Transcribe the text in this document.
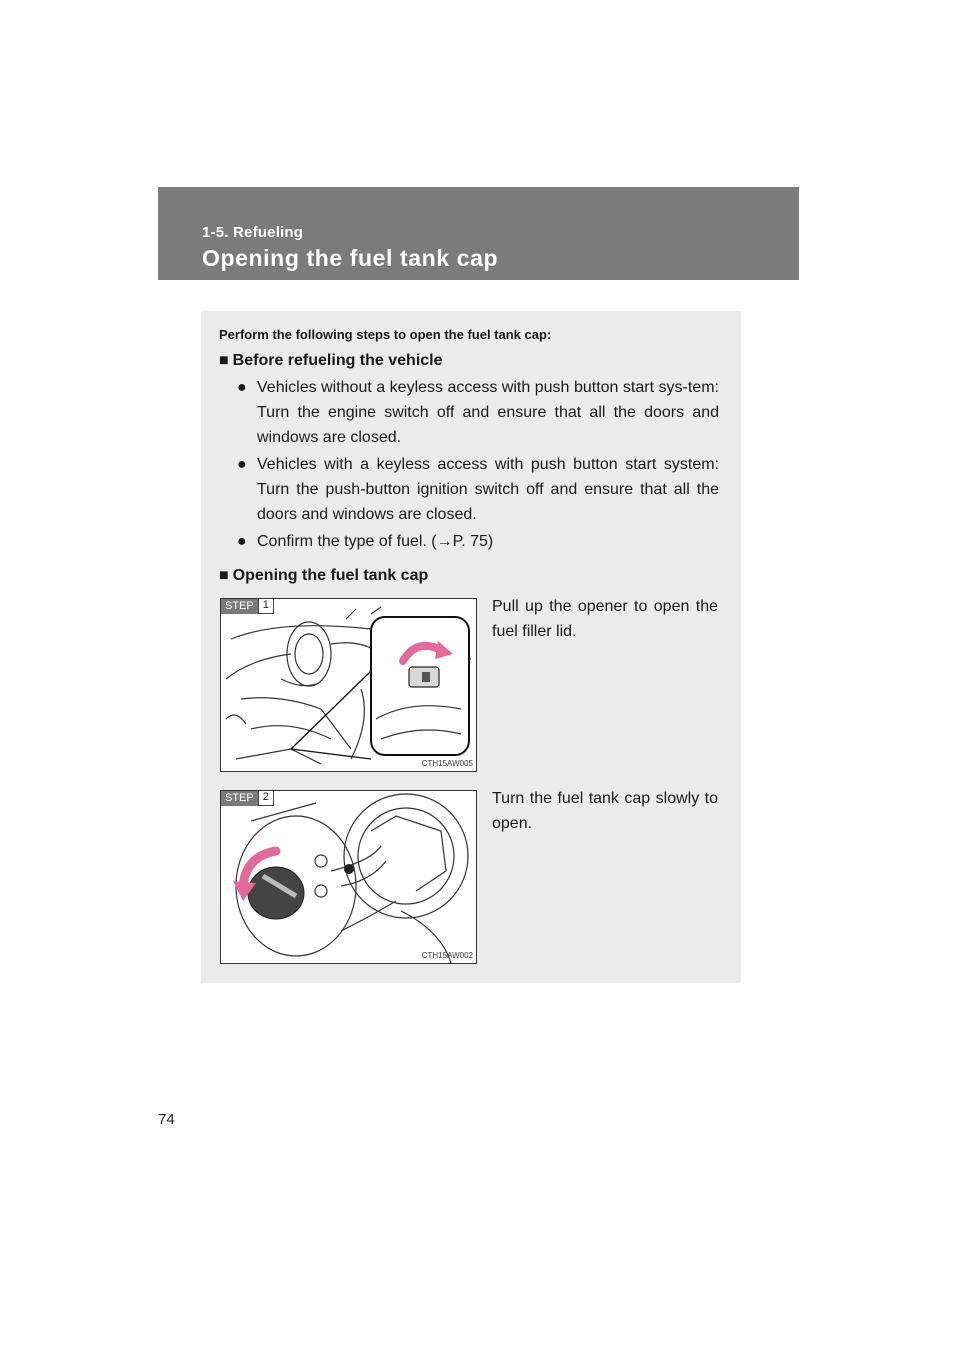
1-5. Refueling
Opening the fuel tank cap
Perform the following steps to open the fuel tank cap:
■ Before refueling the vehicle
● Vehicles without a keyless access with push button start sys-tem: Turn the engine switch off and ensure that all the doors and windows are closed.
● Vehicles with a keyless access with push button start system: Turn the push-button ignition switch off and ensure that all the doors and windows are closed.
● Confirm the type of fuel. (→P. 75)
■ Opening the fuel tank cap
STEP 1
CTH15AW005
Pull up the opener to open the fuel filler lid.
STEP 2
CTH15AW002
Turn the fuel tank cap slowly to open.
74
